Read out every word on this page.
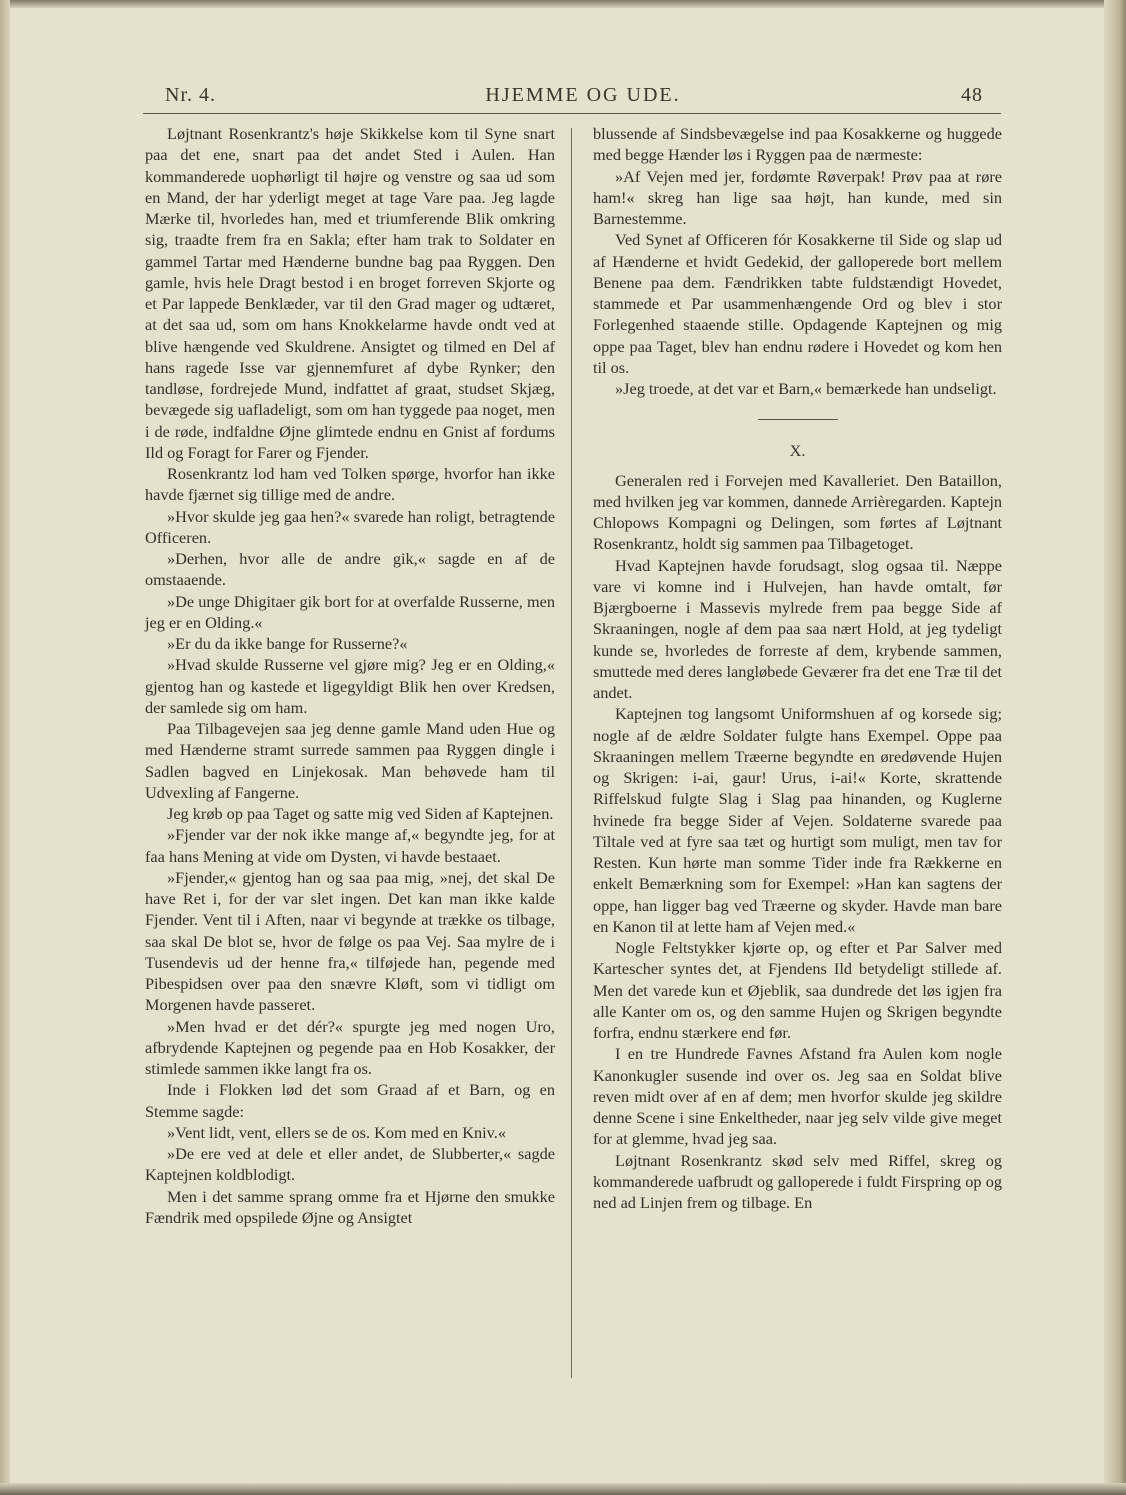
Nr. 4.	HJEMME OG UDE.	48

Løjtnant Rosenkrantz's høje Skikkelse kom til Syne snart paa det ene, snart paa det andet Sted i Aulen. Han kommanderede uophørligt til højre og venstre og saa ud som en Mand, der har yderligt meget at tage Vare paa. Jeg lagde Mærke til, hvorledes han, med et triumferende Blik omkring sig, traadte frem fra en Sakla; efter ham trak to Soldater en gammel Tartar med Hænderne bundne bag paa Ryggen. Den gamle, hvis hele Dragt bestod i en broget forreven Skjorte og et Par lappede Benklæder, var til den Grad mager og udtæret, at det saa ud, som om hans Knokkelarme havde ondt ved at blive hængende ved Skuldrene. Ansigtet og tilmed en Del af hans ragede Isse var gjennemfuret af dybe Rynker; den tandløse, fordrejede Mund, indfattet af graat, studset Skjæg, bevægede sig uafladeligt, som om han tyggede paa noget, men i de røde, indfaldne Øjne glimtede endnu en Gnist af fordums Ild og Foragt for Farer og Fjender.

Rosenkrantz lod ham ved Tolken spørge, hvorfor han ikke havde fjærnet sig tillige med de andre.

»Hvor skulde jeg gaa hen?« svarede han roligt, betragtende Officeren.

»Derhen, hvor alle de andre gik,« sagde en af de omstaaende.

»De unge Dhigitaer gik bort for at overfalde Russerne, men jeg er en Olding.«

»Er du da ikke bange for Russerne?«

»Hvad skulde Russerne vel gjøre mig? Jeg er en Olding,« gjentog han og kastede et ligegyldigt Blik hen over Kredsen, der samlede sig om ham.

Paa Tilbagevejen saa jeg denne gamle Mand uden Hue og med Hænderne stramt surrede sammen paa Ryggen dingle i Sadlen bagved en Linjekosak. Man behøvede ham til Udvexling af Fangerne.

Jeg krøb op paa Taget og satte mig ved Siden af Kaptejnen.

»Fjender var der nok ikke mange af,« begyndte jeg, for at faa hans Mening at vide om Dysten, vi havde bestaaet.

»Fjender,« gjentog han og saa paa mig, »nej, det skal De have Ret i, for der var slet ingen. Det kan man ikke kalde Fjender. Vent til i Aften, naar vi begynde at trække os tilbage, saa skal De blot se, hvor de følge os paa Vej. Saa mylre de i Tusendevis ud der henne fra,« tilføjede han, pegende med Pibespidsen over paa den snævre Kløft, som vi tidligt om Morgenen havde passeret.

»Men hvad er det dér?« spurgte jeg med nogen Uro, afbrydende Kaptejnen og pegende paa en Hob Kosakker, der stimlede sammen ikke langt fra os.

Inde i Flokken lød det som Graad af et Barn, og en Stemme sagde:

»Vent lidt, vent, ellers se de os. Kom med en Kniv.«

»De ere ved at dele et eller andet, de Slubberter,« sagde Kaptejnen koldblodigt.

Men i det samme sprang omme fra et Hjørne den smukke Fændrik med opspilede Øjne og Ansigtet

blussende af Sindsbevægelse ind paa Kosakkerne og huggede med begge Hænder løs i Ryggen paa de nærmeste:

»Af Vejen med jer, fordømte Røverpak! Prøv paa at røre ham!« skreg han lige saa højt, han kunde, med sin Barnestemme.

Ved Synet af Officeren fór Kosakkerne til Side og slap ud af Hænderne et hvidt Gedekid, der galloperede bort mellem Benene paa dem. Fændrikken tabte fuldstændigt Hovedet, stammede et Par usammenhængende Ord og blev i stor Forlegenhed staaende stille. Opdagende Kaptejnen og mig oppe paa Taget, blev han endnu rødere i Hovedet og kom hen til os.

»Jeg troede, at det var et Barn,« bemærkede han undseligt.

X.

Generalen red i Forvejen med Kavalleriet. Den Bataillon, med hvilken jeg var kommen, dannede Arrièregarden. Kaptejn Chlopows Kompagni og Delingen, som førtes af Løjtnant Rosenkrantz, holdt sig sammen paa Tilbagetoget.

Hvad Kaptejnen havde forudsagt, slog ogsaa til. Næppe vare vi komne ind i Hulvejen, han havde omtalt, før Bjærgboerne i Massevis mylrede frem paa begge Side af Skraaningen, nogle af dem paa saa nært Hold, at jeg tydeligt kunde se, hvorledes de forreste af dem, krybende sammen, smuttede med deres langløbede Geværer fra det ene Træ til det andet.

Kaptejnen tog langsomt Uniformshuen af og korsede sig; nogle af de ældre Soldater fulgte hans Exempel. Oppe paa Skraaningen mellem Træerne begyndte en øredøvende Hujen og Skrigen: i-ai, gaur! Urus, i-ai!« Korte, skrattende Riffelskud fulgte Slag i Slag paa hinanden, og Kuglerne hvinede fra begge Sider af Vejen. Soldaterne svarede paa Tiltale ved at fyre saa tæt og hurtigt som muligt, men tav for Resten. Kun hørte man somme Tider inde fra Rækkerne en enkelt Bemærkning som for Exempel: »Han kan sagtens der oppe, han ligger bag ved Træerne og skyder. Havde man bare en Kanon til at lette ham af Vejen med.«

Nogle Feltstykker kjørte op, og efter et Par Salver med Kartescher syntes det, at Fjendens Ild betydeligt stillede af. Men det varede kun et Øjeblik, saa dundrede det løs igjen fra alle Kanter om os, og den samme Hujen og Skrigen begyndte forfra, endnu stærkere end før.

I en tre Hundrede Favnes Afstand fra Aulen kom nogle Kanonkugler susende ind over os. Jeg saa en Soldat blive reven midt over af en af dem; men hvorfor skulde jeg skildre denne Scene i sine Enkeltheder, naar jeg selv vilde give meget for at glemme, hvad jeg saa.

Løjtnant Rosenkrantz skød selv med Riffel, skreg og kommanderede uafbrudt og galloperede i fuldt Firspring op og ned ad Linjen frem og tilbage. En
